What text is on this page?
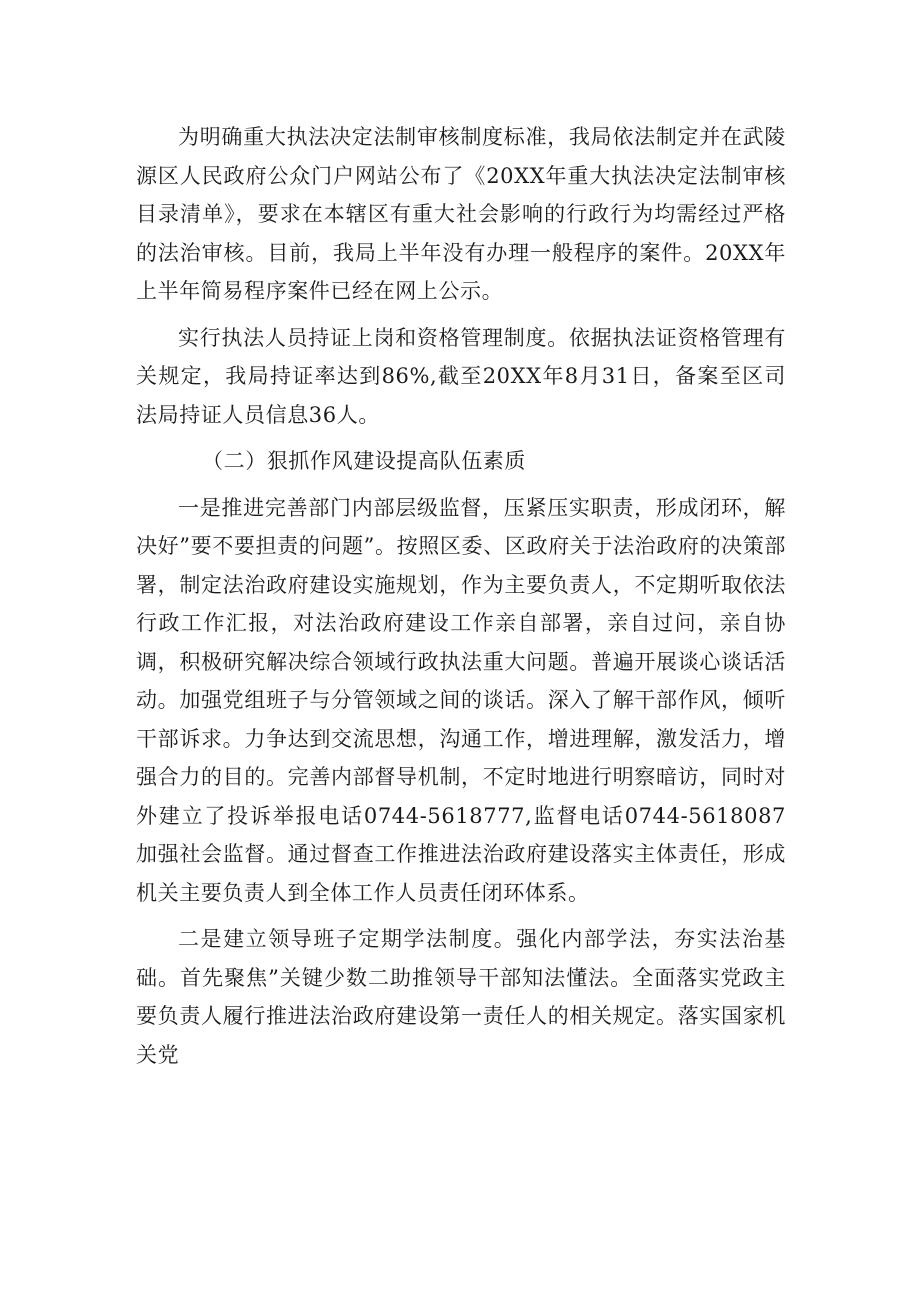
为明确重大执法决定法制审核制度标准，我局依法制定并在武陵源区人民政府公众门户网站公布了《20XX年重大执法决定法制审核目录清单》，要求在本辖区有重大社会影响的行政行为均需经过严格的法治审核。目前，我局上半年没有办理一般程序的案件。20XX年上半年简易程序案件已经在网上公示。

实行执法人员持证上岗和资格管理制度。依据执法证资格管理有关规定，我局持证率达到86%,截至20XX年8月31日，备案至区司法局持证人员信息36人。

（二）狠抓作风建设提高队伍素质

一是推进完善部门内部层级监督，压紧压实职责，形成闭环，解决好”要不要担责的问题”。按照区委、区政府关于法治政府的决策部署，制定法治政府建设实施规划，作为主要负责人，不定期听取依法行政工作汇报，对法治政府建设工作亲自部署，亲自过问，亲自协调，积极研究解决综合领域行政执法重大问题。普遍开展谈心谈话活动。加强党组班子与分管领域之间的谈话。深入了解干部作风，倾听干部诉求。力争达到交流思想，沟通工作，增进理解，激发活力，增强合力的目的。完善内部督导机制，不定时地进行明察暗访，同时对外建立了投诉举报电话0744-5618777,监督电话0744-5618087加强社会监督。通过督查工作推进法治政府建设落实主体责任，形成机关主要负责人到全体工作人员责任闭环体系。

二是建立领导班子定期学法制度。强化内部学法，夯实法治基础。首先聚焦”关键少数二助推领导干部知法懂法。全面落实党政主要负责人履行推进法治政府建设第一责任人的相关规定。落实国家机关党
